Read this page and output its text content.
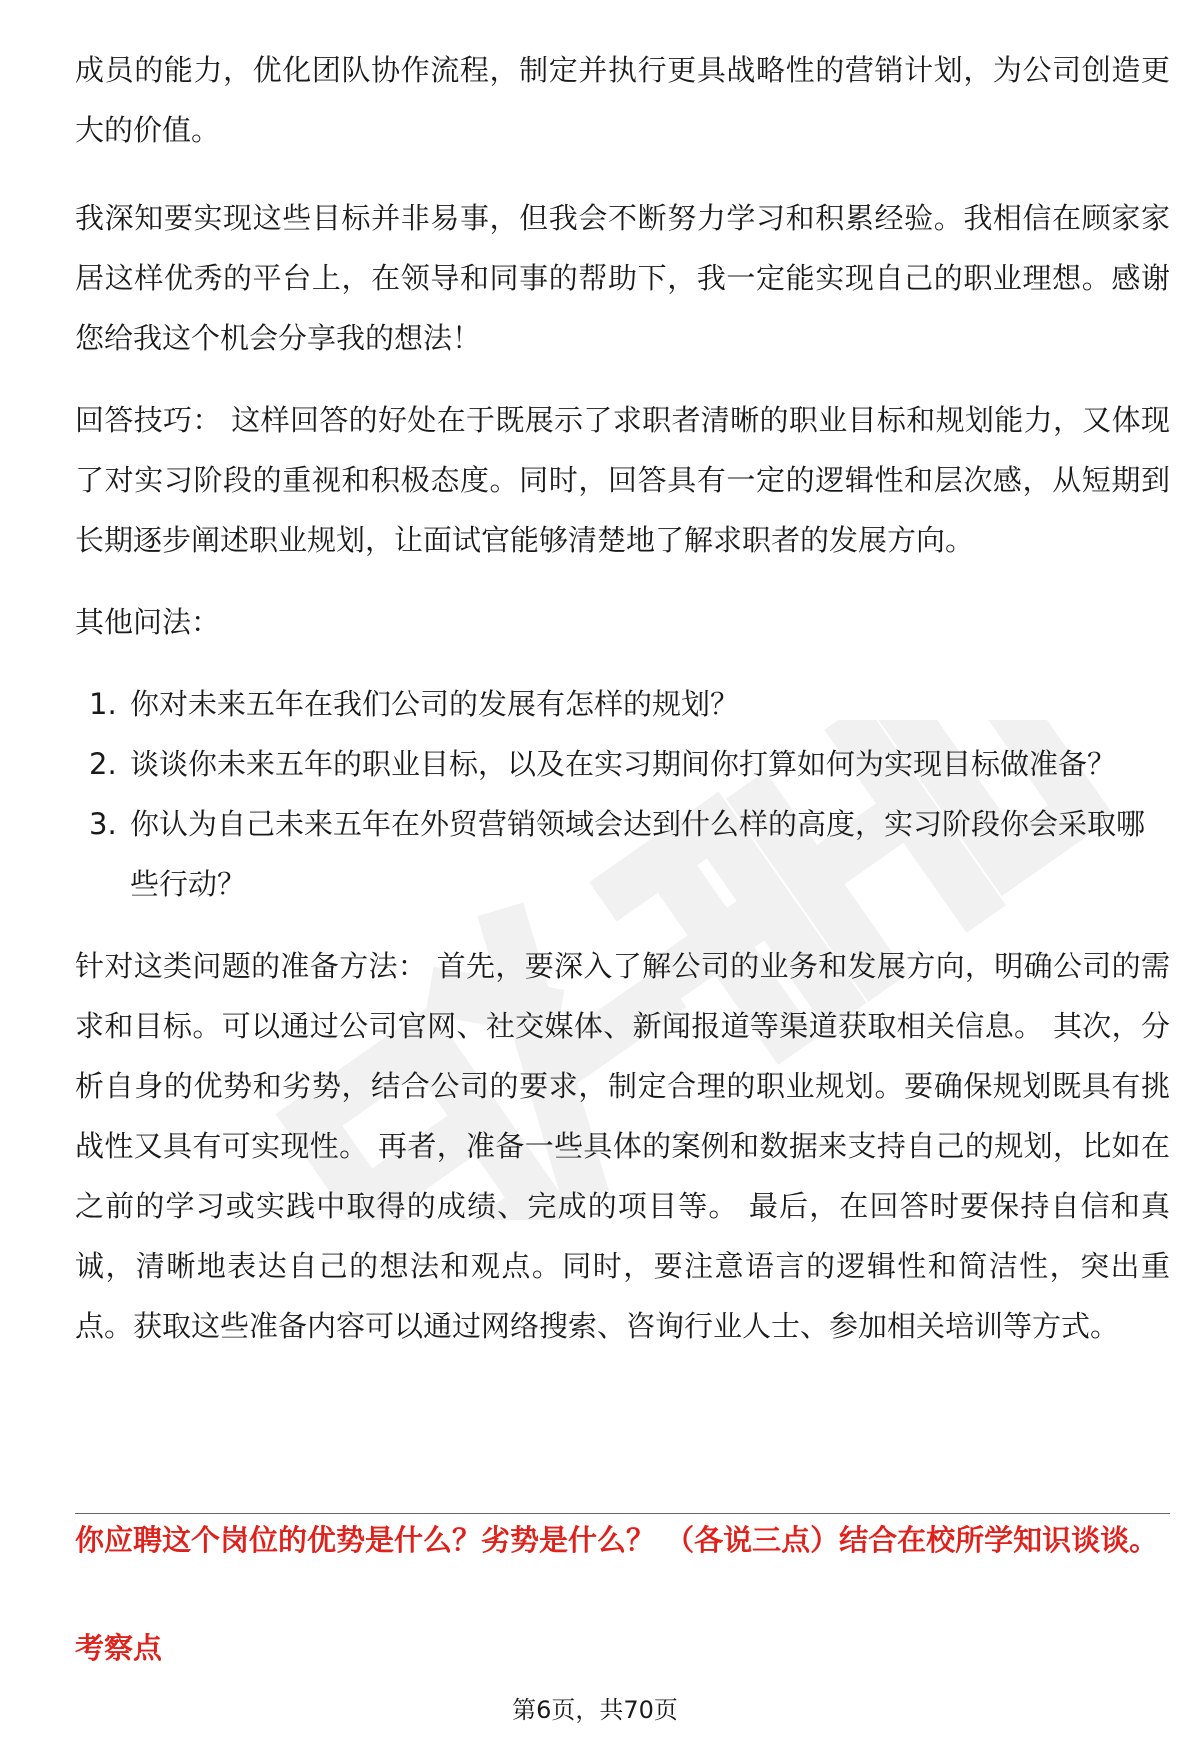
成员的能力，优化团队协作流程，制定并执行更具战略性的营销计划，为公司创造更大的价值。

我深知要实现这些目标并非易事，但我会不断努力学习和积累经验。我相信在顾家家居这样优秀的平台上，在领导和同事的帮助下，我一定能实现自己的职业理想。感谢您给我这个机会分享我的想法！

回答技巧： 这样回答的好处在于既展示了求职者清晰的职业目标和规划能力，又体现了对实习阶段的重视和积极态度。同时，回答具有一定的逻辑性和层次感，从短期到长期逐步阐述职业规划，让面试官能够清楚地了解求职者的发展方向。

其他问法：

1. 你对未来五年在我们公司的发展有怎样的规划？
2. 谈谈你未来五年的职业目标，以及在实习期间你打算如何为实现目标做准备？
3. 你认为自己未来五年在外贸营销领域会达到什么样的高度，实习阶段你会采取哪些行动？

针对这类问题的准备方法： 首先，要深入了解公司的业务和发展方向，明确公司的需求和目标。可以通过公司官网、社交媒体、新闻报道等渠道获取相关信息。 其次，分析自身的优势和劣势，结合公司的要求，制定合理的职业规划。要确保规划既具有挑战性又具有可实现性。 再者，准备一些具体的案例和数据来支持自己的规划，比如在之前的学习或实践中取得的成绩、完成的项目等。 最后，在回答时要保持自信和真诚，清晰地表达自己的想法和观点。同时，要注意语言的逻辑性和简洁性，突出重点。获取这些准备内容可以通过网络搜索、咨询行业人士、参加相关培训等方式。

你应聘这个岗位的优势是什么？劣势是什么？ （各说三点）结合在校所学知识谈谈。
考察点
第6页，共70页
